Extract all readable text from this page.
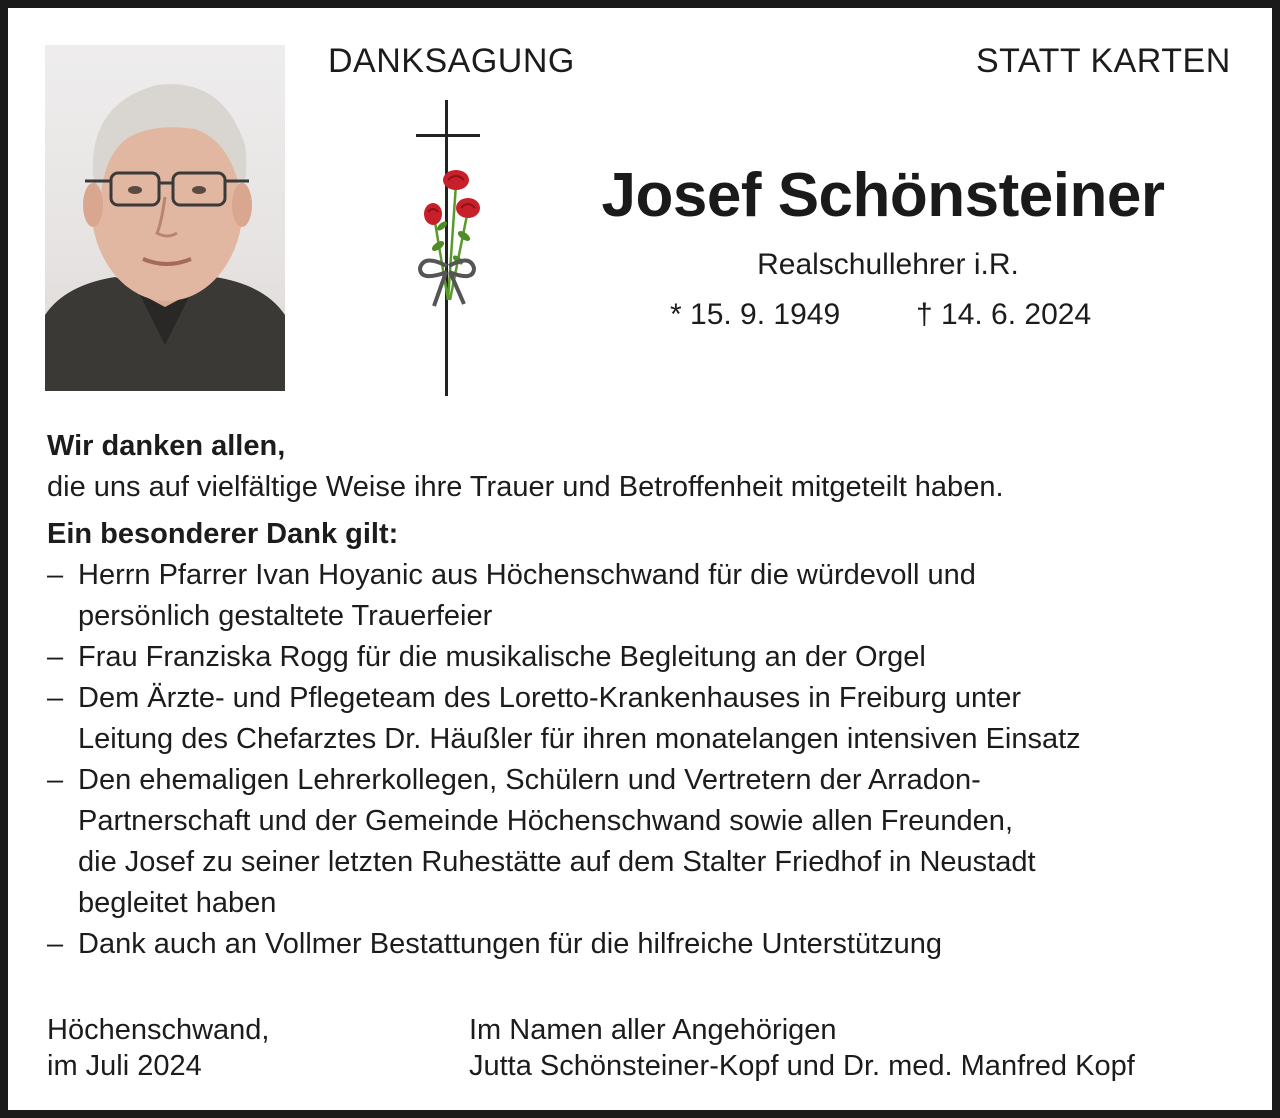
DANKSAGUNG	STATT KARTEN
Josef Schönsteiner
Realschullehrer i.R.
* 15. 9. 1949	† 14. 6. 2024
Wir danken allen,
die uns auf vielfältige Weise ihre Trauer und Betroffenheit mitgeteilt haben.
Ein besonderer Dank gilt:
– Herrn Pfarrer Ivan Hoyanic aus Höchenschwand für die würdevoll und
persönlich gestaltete Trauerfeier
– Frau Franziska Rogg für die musikalische Begleitung an der Orgel
– Dem Ärzte- und Pflegeteam des Loretto-Krankenhauses in Freiburg unter
Leitung des Chefarztes Dr. Häußler für ihren monatelangen intensiven Einsatz
– Den ehemaligen Lehrerkollegen, Schülern und Vertretern der Arradon-
Partnerschaft und der Gemeinde Höchenschwand sowie allen Freunden,
die Josef zu seiner letzten Ruhestätte auf dem Stalter Friedhof in Neustadt
begleitet haben
– Dank auch an Vollmer Bestattungen für die hilfreiche Unterstützung
Höchenschwand,
im Juli 2024
Im Namen aller Angehörigen
Jutta Schönsteiner-Kopf und Dr. med. Manfred Kopf
